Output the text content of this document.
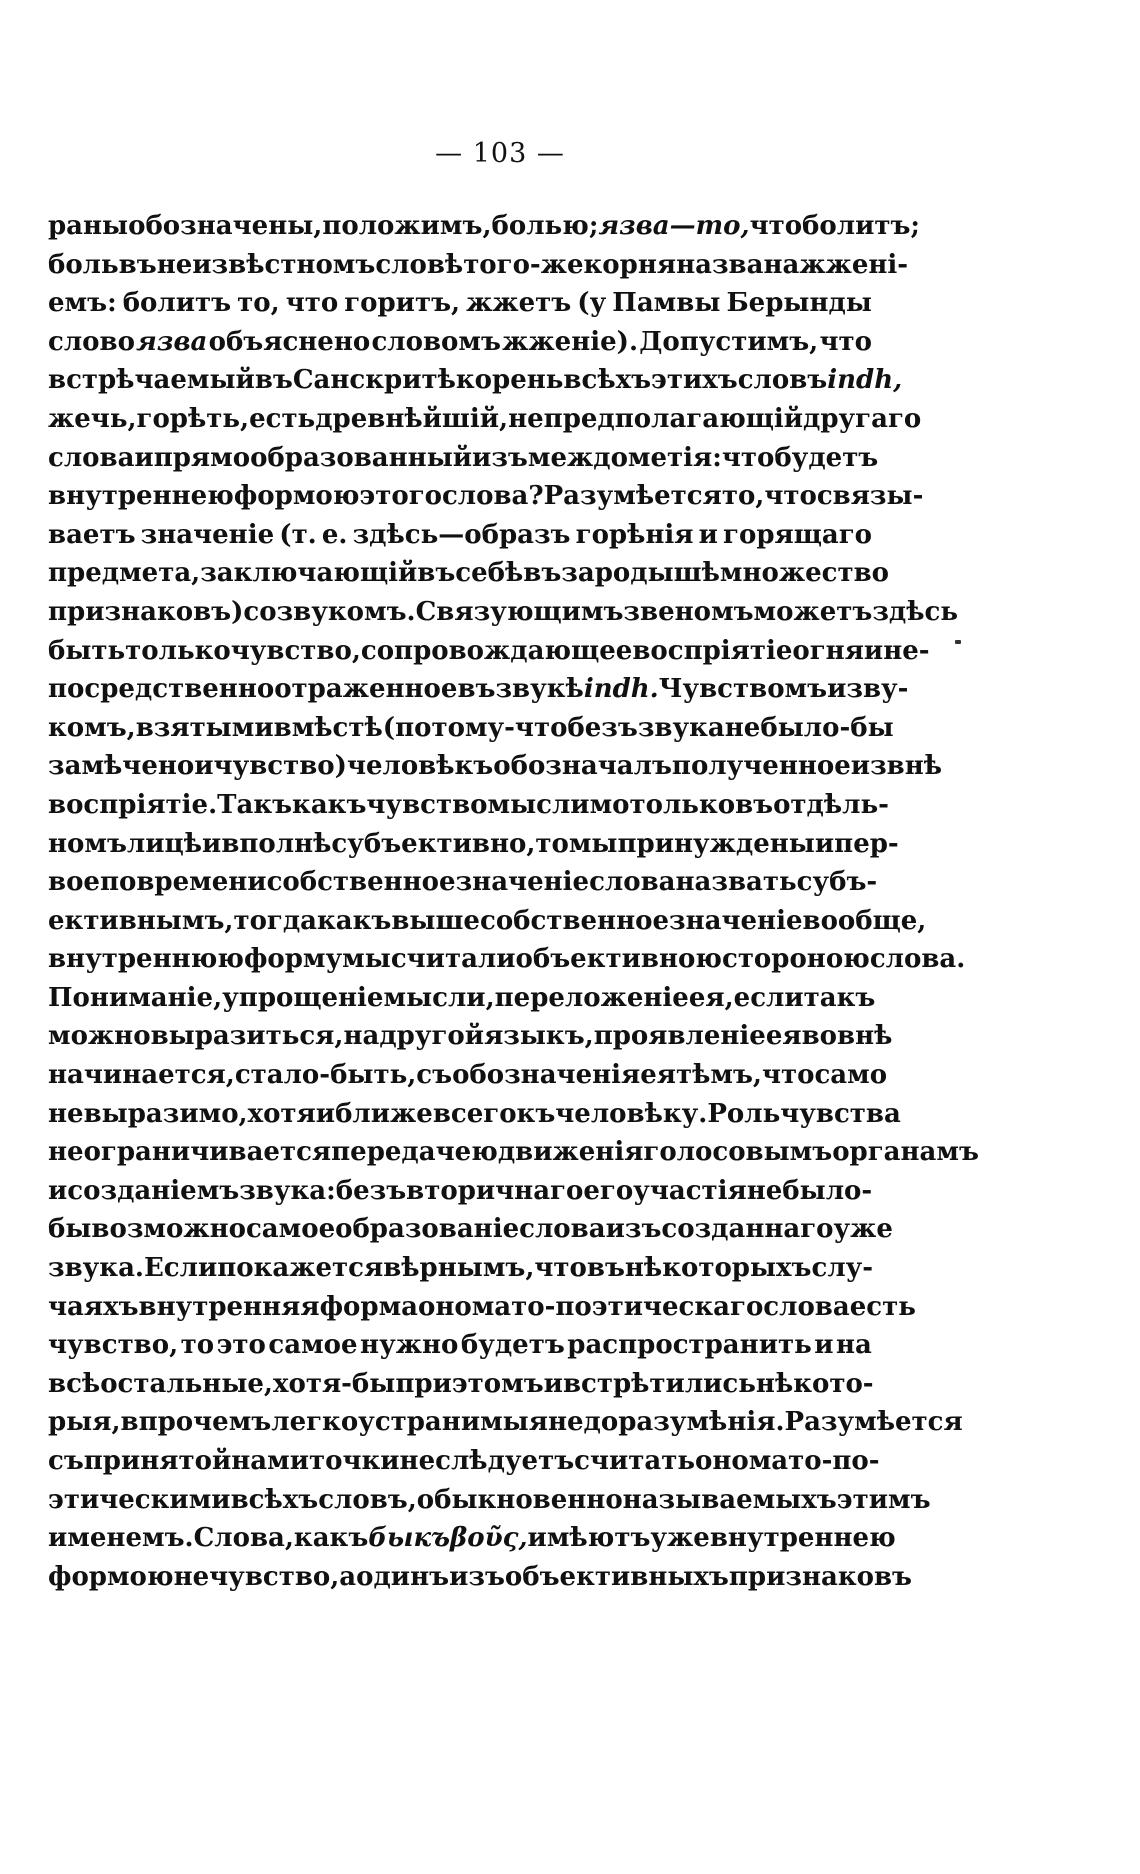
— 103 —
раны обозначены, положимъ, болью; язва—то, что болитъ;
боль въ неизвѣстномъ словѣ того-же корня названа жженi-
емъ: болитъ то, что горитъ, жжетъ (у Памвы Берынды
слово язва объяснено словомъ жженiе). Допустимъ, что
встрѣчаемый въ Санскритѣ корень всѣхъ этихъ словъ indh,
жечь, горѣть, есть древнѣйшiй, непредполагающiй другаго
слова и прямо образованный изъ междометiя: что будетъ
внутреннею формою этого слова? Разумѣется то, что связы-
ваетъ значенiе (т. е. здѣсь—образъ горѣнiя и горящаго
предмета, заключающiй въ себѣ въ зародышѣ множество
признаковъ) со звукомъ. Связующимъ звеномъ можетъ здѣсь
быть только чувство, сопровождающее воспрiятiе огня и не-
посредственно отраженное въ звукѣ indh. Чувствомъ и зву-
комъ, взятыми вмѣстѣ (потому-что безъ звука не было-бы
замѣчено и чувство) человѣкъ обозначалъ полученное извнѣ
воспрiятiе. Такъ какъ чувство мыслимо только въ отдѣль-
номъ лицѣ и вполнѣ субъективно, то мы принуждены и пер-
вое по времени собственное значенiе слова назвать субъ-
ективнымъ, тогда какъ выше собственное значенiе вообще,
внутреннюю форму мы считали объективною стороною слова.
Пониманiе, упрощенiе мысли, переложенiе ея, если такъ
можно выразиться, на другой языкъ, проявленiе ея вовнѣ
начинается, стало-быть, съ обозначенiя ея тѣмъ, что само
невыразимо, хотя и ближе всего къ человѣку. Роль чувства
не ограничивается передачею движенiя голосовымъ органамъ
и созданiемъ звука: безъ вторичнаго его участiя не было-
бы возможно самое образованiе слова изъ созданнаго уже
звука. Если покажется вѣрнымъ, что въ нѣкоторыхъ слу-
чаяхъ внутренняя форма ономато-поэтическаго слова есть
чувство, то это самое нужно будетъ распространить и на
всѣ остальные, хотя-бы при этомъ и встрѣтились нѣкото-
рыя, впрочемъ легко устранимыя недоразумѣнiя. Разумѣется
съ принятой нами точки не слѣдуетъ считать ономато-по-
этическими всѣхъ словъ, обыкновенно называемыхъ этимъ
именемъ. Слова, какъ быкъ βοῦς, имѣютъ уже внутреннею
формою не чувство, а одинъ изъ объективныхъ признаковъ
